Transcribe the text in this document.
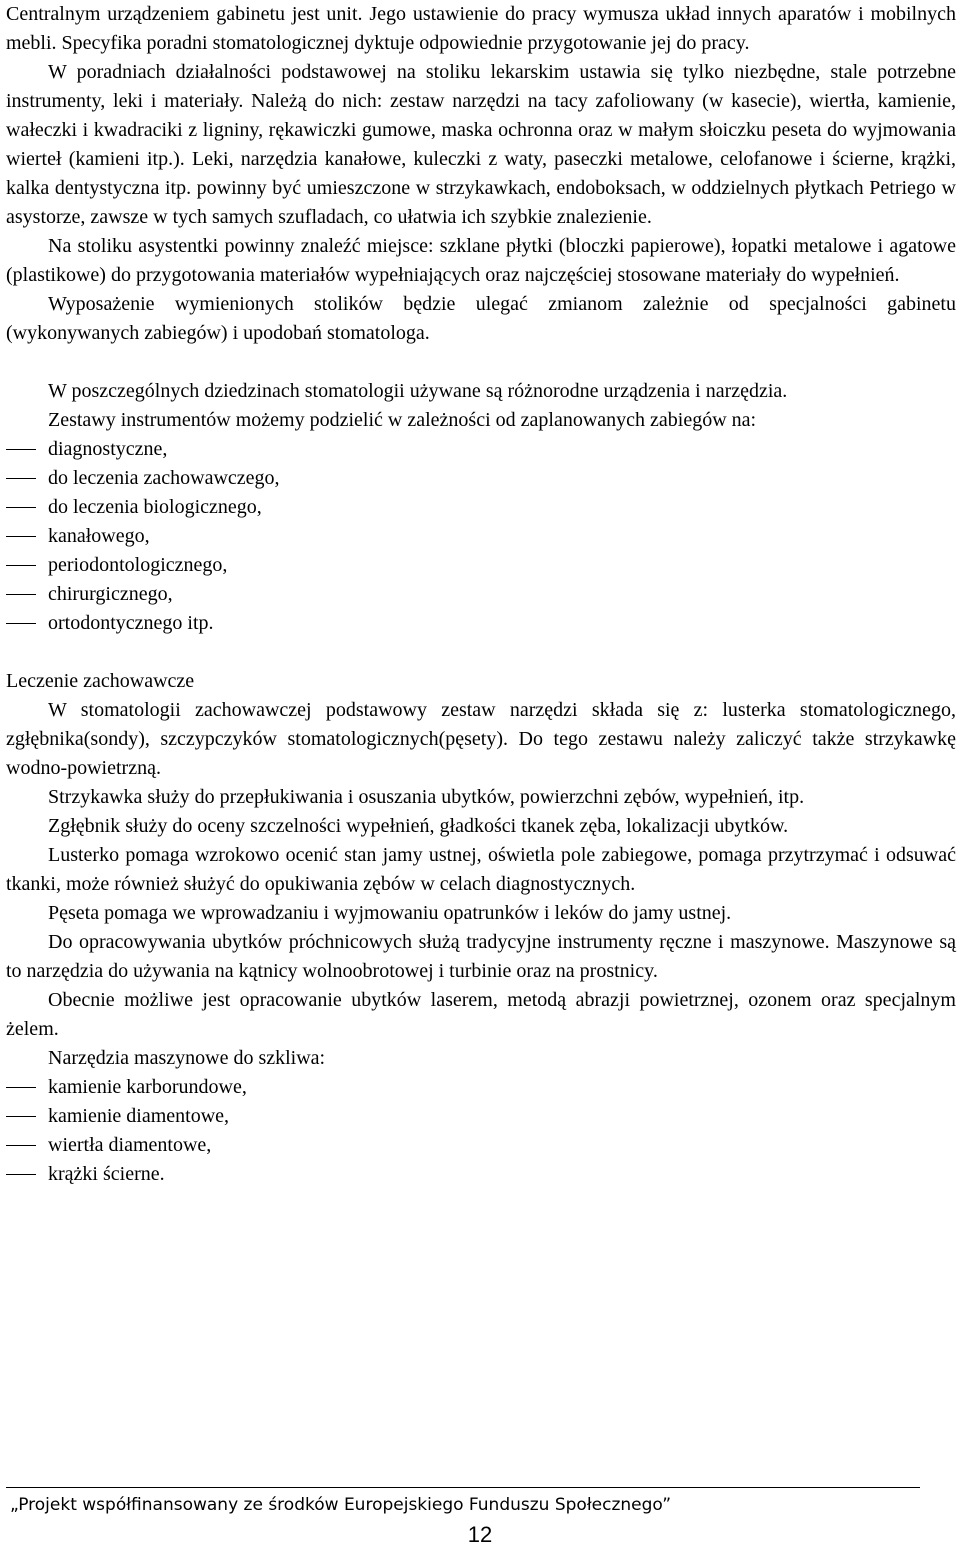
Centralnym urządzeniem gabinetu jest unit. Jego ustawienie do pracy wymusza układ innych aparatów i mobilnych mebli. Specyfika poradni stomatologicznej dyktuje odpowiednie przygotowanie jej do pracy.

W poradniach działalności podstawowej na stoliku lekarskim ustawia się tylko niezbędne, stale potrzebne instrumenty, leki i materiały. Należą do nich: zestaw narzędzi na tacy zafoliowany (w kasecie), wiertła, kamienie, wałeczki i kwadraciki z ligniny, rękawiczki gumowe, maska ochronna oraz w małym słoiczku peseta do wyjmowania wierteł (kamieni itp.). Leki, narzędzia kanałowe, kuleczki z waty, paseczki metalowe, celofanowe i ścierne, krążki, kalka dentystyczna itp. powinny być umieszczone w strzykawkach, endoboksach, w oddzielnych płytkach Petriego w asystorze, zawsze w tych samych szufladach, co ułatwia ich szybkie znalezienie.

Na stoliku asystentki powinny znaleźć miejsce: szklane płytki (bloczki papierowe), łopatki metalowe i agatowe (plastikowe) do przygotowania materiałów wypełniających oraz najczęściej stosowane materiały do wypełnień.

Wyposażenie wymienionych stolików będzie ulegać zmianom zależnie od specjalności gabinetu (wykonywanych zabiegów) i upodobań stomatologa.

W poszczególnych dziedzinach stomatologii używane są różnorodne urządzenia i narzędzia.

Zestawy instrumentów możemy podzielić w zależności od zaplanowanych zabiegów na:

diagnostyczne,
do leczenia zachowawczego,
do leczenia biologicznego,
kanałowego,
periodontologicznego,
chirurgicznego,
ortodontycznego itp.

Leczenie zachowawcze

W stomatologii zachowawczej podstawowy zestaw narzędzi składa się z: lusterka stomatologicznego, zgłębnika(sondy), szczypczyków stomatologicznych(pęsety). Do tego zestawu należy zaliczyć także strzykawkę wodno-powietrzną.

Strzykawka służy do przepłukiwania i osuszania ubytków, powierzchni zębów, wypełnień, itp.

Zgłębnik służy do oceny szczelności wypełnień, gładkości tkanek zęba, lokalizacji ubytków.

Lusterko pomaga wzrokowo ocenić stan jamy ustnej, oświetla pole zabiegowe, pomaga przytrzymać i odsuwać tkanki, może również służyć do opukiwania zębów w celach diagnostycznych.

Pęseta pomaga we wprowadzaniu i wyjmowaniu opatrunków i leków do jamy ustnej.

Do opracowywania ubytków próchnicowych służą tradycyjne instrumenty ręczne i maszynowe. Maszynowe są to narzędzia do używania na kątnicy wolnoobrotowej i turbinie oraz na prostnicy.

Obecnie możliwe jest opracowanie ubytków laserem, metodą abrazji powietrznej, ozonem oraz specjalnym żelem.

Narzędzia maszynowe do szkliwa:

kamienie karborundowe,
kamienie diamentowe,
wiertła diamentowe,
krążki ścierne.
„Projekt współfinansowany ze środków Europejskiego Funduszu Społecznego”
12
